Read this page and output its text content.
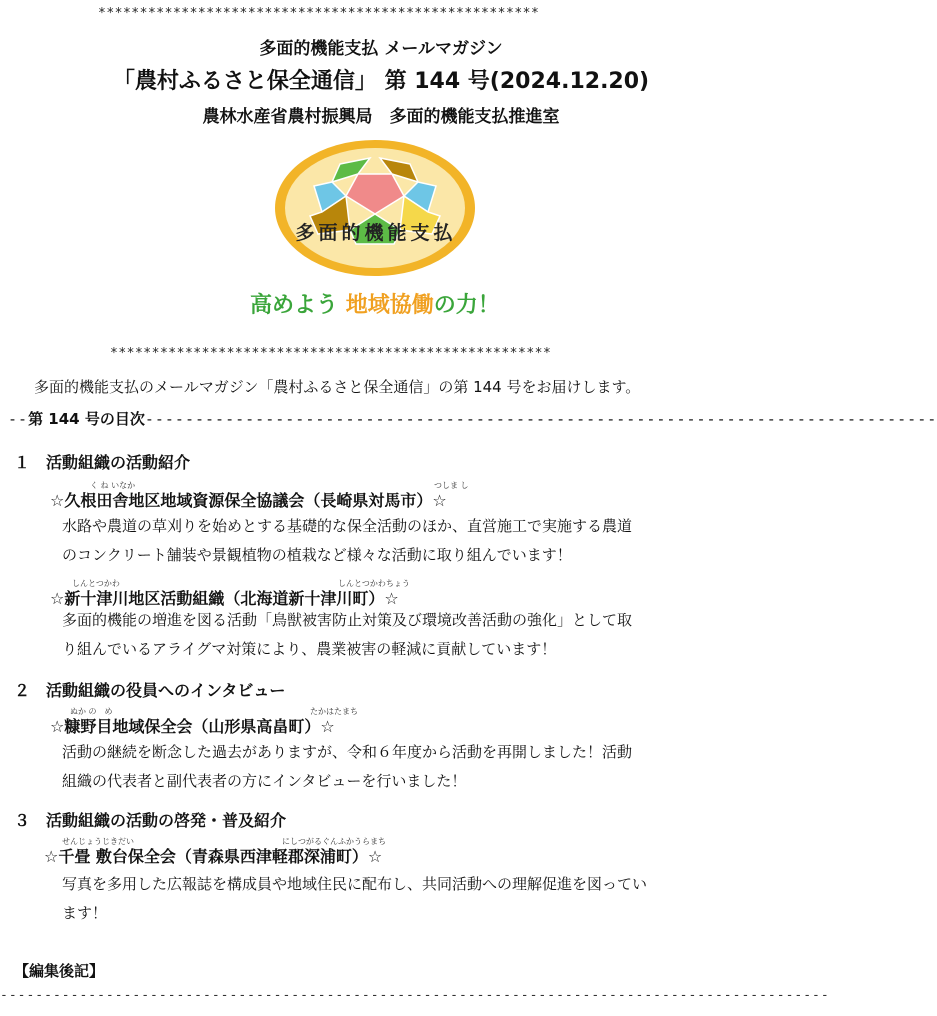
*****************************************************
多面的機能支払 メールマガジン
「農村ふるさと保全通信」 第 144 号(2024.12.20)
農林水産省農村振興局　多面的機能支払推進室
多面的機能支払
高めよう 地域協働の力！
*****************************************************
多面的機能支払のメールマガジン「農村ふるさと保全通信」の第 144 号をお届けします。
--第 144 号の目次-------------------------------------------------------------------------------
１　活動組織の活動紹介
く ね いなか	つしま し
☆久根田舎地区地域資源保全協議会（長崎県対馬市）☆
水路や農道の草刈りを始めとする基礎的な保全活動のほか、直営施工で実施する農道
のコンクリート舗装や景観植物の植栽など様々な活動に取り組んでいます！
しんとつかわ	しんとつかわちょう
☆新十津川地区活動組織（北海道新十津川町）☆
多面的機能の増進を図る活動「鳥獣被害防止対策及び環境改善活動の強化」として取
り組んでいるアライグマ対策により、農業被害の軽減に貢献しています！
２　活動組織の役員へのインタビュー
ぬか の　め	たかはたまち
☆糠野目地域保全会（山形県高畠町）☆
活動の継続を断念した過去がありますが、令和６年度から活動を再開しました！活動
組織の代表者と副代表者の方にインタビューを行いました！
３　活動組織の活動の啓発・普及紹介
せんじょうじきだい	にしつがるぐんふかうらまち
☆千畳 敷台保全会（青森県西津軽郡深浦町）☆
写真を多用した広報誌を構成員や地域住民に配布し、共同活動への理解促進を図ってい
ます！
【編集後記】
----------------------------------------------------------------------------------------------
